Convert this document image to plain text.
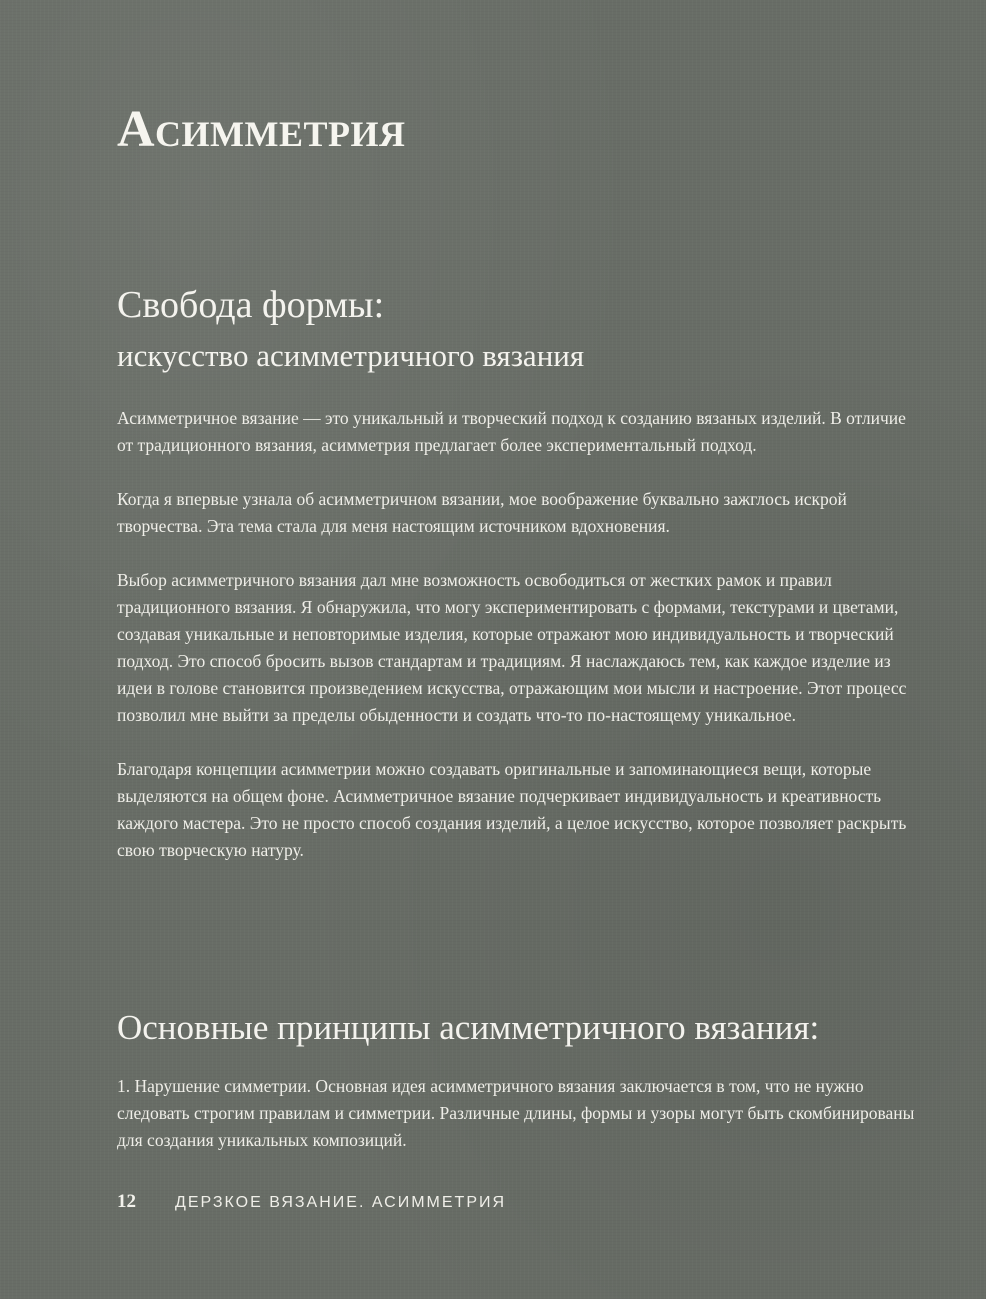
Асимметрия
Свобода формы:
искусство асимметричного вязания

Асимметричное вязание — это уникальный и творческий подход к созданию вязаных изделий. В отличие от традиционного вязания, асимметрия предлагает более экспериментальный подход.

Когда я впервые узнала об асимметричном вязании, мое воображение буквально зажглось искрой творчества. Эта тема стала для меня настоящим источником вдохновения.

Выбор асимметричного вязания дал мне возможность освободиться от жестких рамок и правил традиционного вязания. Я обнаружила, что могу экспериментировать с формами, текстурами и цветами, создавая уникальные и неповторимые изделия, которые отражают мою индивидуальность и творческий подход. Это способ бросить вызов стандартам и традициям. Я наслаждаюсь тем, как каждое изделие из идеи в голове становится произведением искусства, отражающим мои мысли и настроение. Этот процесс позволил мне выйти за пределы обыденности и создать что-то по-настоящему уникальное.

Благодаря концепции асимметрии можно создавать оригинальные и запоминающиеся вещи, которые выделяются на общем фоне. Асимметричное вязание подчеркивает индивидуальность и креативность каждого мастера. Это не просто способ создания изделий, а целое искусство, которое позволяет раскрыть свою творческую натуру.

Основные принципы асимметричного вязания:

1. Нарушение симметрии. Основная идея асимметричного вязания заключается в том, что не нужно следовать строгим правилам и симметрии. Различные длины, формы и узоры могут быть скомбинированы для создания уникальных композиций.

12	ДЕРЗКОЕ ВЯЗАНИЕ. АСИММЕТРИЯ
